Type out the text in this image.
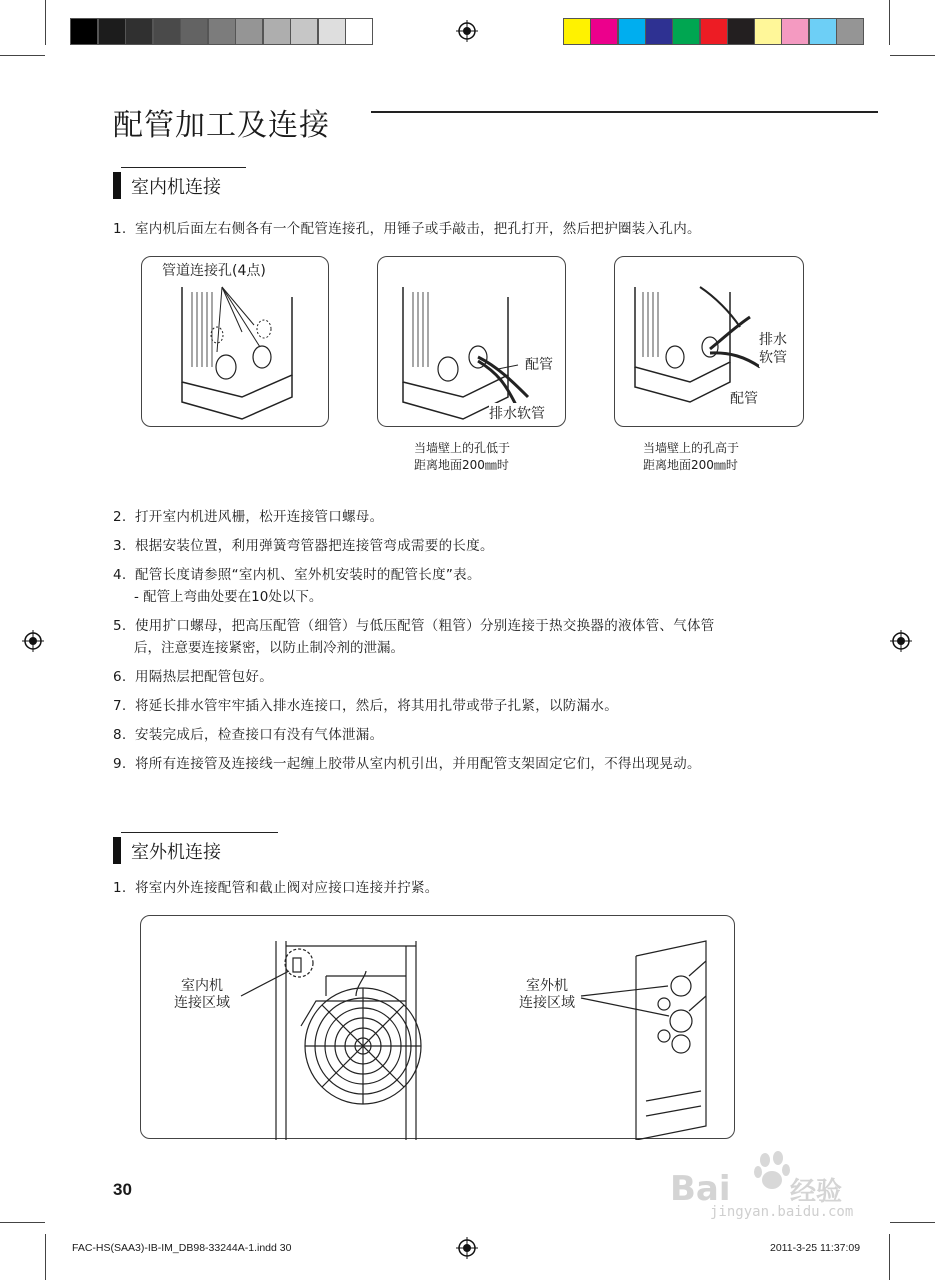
配管加工及连接
室内机连接
1. 室内机后面左右侧各有一个配管连接孔，用锤子或手敲击，把孔打开，然后把护圈装入孔内。
管道连接孔(4点)
配管
排水软管
当墙壁上的孔低于
距离地面200㎜时
排水
软管
配管
当墙壁上的孔高于
距离地面200㎜时
2. 打开室内机进风栅，松开连接管口螺母。
3. 根据安装位置，利用弹簧弯管器把连接管弯成需要的长度。
4. 配管长度请参照“室内机、室外机安装时的配管长度”表。
- 配管上弯曲处要在10处以下。
5. 使用扩口螺母，把高压配管（细管）与低压配管（粗管）分别连接于热交换器的液体管、气体管
后，注意要连接紧密，以防止制冷剂的泄漏。
6. 用隔热层把配管包好。
7. 将延长排水管牢牢插入排水连接口，然后，将其用扎带或带子扎紧，以防漏水。
8. 安装完成后，检查接口有没有气体泄漏。
9. 将所有连接管及连接线一起缠上胶带从室内机引出，并用配管支架固定它们，不得出现晃动。
室外机连接
1. 将室内外连接配管和截止阀对应接口连接并拧紧。
室内机
连接区域
室外机
连接区域
30	Bai 经验
jingyan.baidu.com
FAC-HS(SAA3)-IB-IM_DB98-33244A-1.indd 30	2011-3-25 11:37:09
